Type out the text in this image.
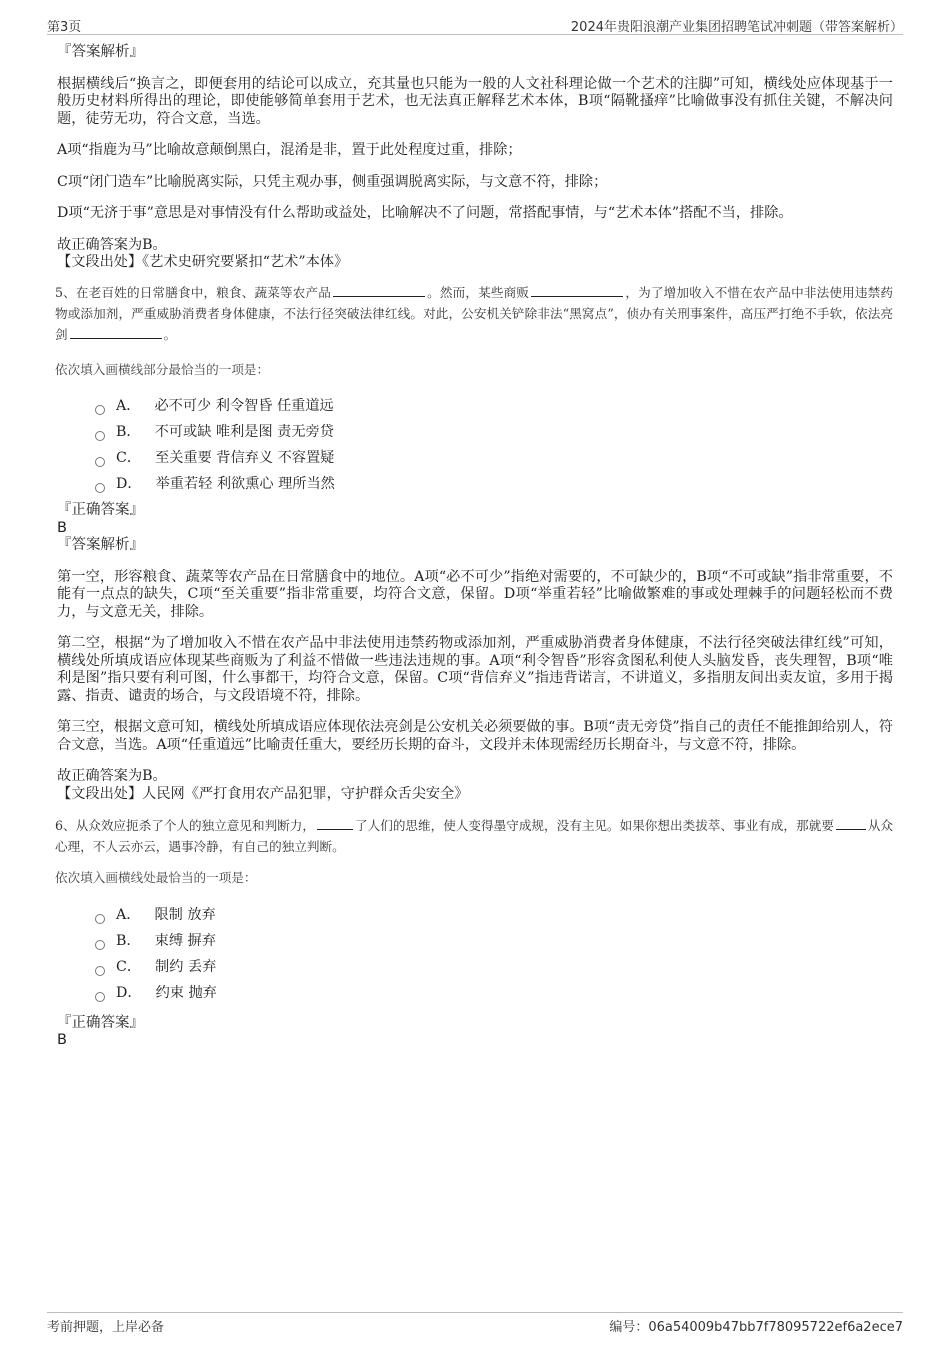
第3页	2024年贵阳浪潮产业集团招聘笔试冲刺题（带答案解析）

『答案解析』

根据横线后“换言之，即便套用的结论可以成立，充其量也只能为一般的人文社科理论做一个艺术的注脚”可知，横线处应体现基于一般历史材料所得出的理论，即使能够简单套用于艺术，也无法真正解释艺术本体，B项“隔靴搔痒”比喻做事没有抓住关键，不解决问题，徒劳无功，符合文意，当选。

A项“指鹿为马”比喻故意颠倒黑白，混淆是非，置于此处程度过重，排除；

C项“闭门造车”比喻脱离实际，只凭主观办事，侧重强调脱离实际，与文意不符，排除；

D项“无济于事”意思是对事情没有什么帮助或益处，比喻解决不了问题，常搭配事情，与“艺术本体”搭配不当，排除。

故正确答案为B。

【文段出处】《艺术史研究要紧扣“艺术”本体》

5、在老百姓的日常膳食中，粮食、蔬菜等农产品	。然而，某些商贩	，为了增加收入不惜在农产品中非法使用违禁药物或添加剂，严重威胁消费者身体健康，不法行径突破法律红线。对此，公安机关铲除非法“黑窝点”，侦办有关刑事案件，高压严打绝不手软，依法亮剑	。

依次填入画横线部分最恰当的一项是：

A． 必不可少 利令智昏 任重道远
B． 不可或缺 唯利是图 责无旁贷
C． 至关重要 背信弃义 不容置疑
D． 举重若轻 利欲熏心 理所当然

『正确答案』

B

『答案解析』

第一空，形容粮食、蔬菜等农产品在日常膳食中的地位。A项“必不可少”指绝对需要的，不可缺少的，B项“不可或缺”指非常重要，不能有一点点的缺失，C项“至关重要”指非常重要，均符合文意，保留。D项“举重若轻”比喻做繁难的事或处理棘手的问题轻松而不费力，与文意无关，排除。

第二空，根据“为了增加收入不惜在农产品中非法使用违禁药物或添加剂，严重威胁消费者身体健康，不法行径突破法律红线”可知，横线处所填成语应体现某些商贩为了利益不惜做一些违法违规的事。A项“利令智昏”形容贪图私利使人头脑发昏，丧失理智，B项“唯利是图”指只要有利可图，什么事都干，均符合文意，保留。C项“背信弃义”指违背诺言，不讲道义，多指朋友间出卖友谊，多用于揭露、指责、谴责的场合，与文段语境不符，排除。

第三空，根据文意可知，横线处所填成语应体现依法亮剑是公安机关必须要做的事。B项“责无旁贷”指自己的责任不能推卸给别人，符合文意，当选。A项“任重道远”比喻责任重大，要经历长期的奋斗，文段并未体现需经历长期奋斗，与文意不符，排除。

故正确答案为B。

【文段出处】人民网《严打食用农产品犯罪，守护群众舌尖安全》

6、从众效应扼杀了个人的独立意见和判断力，	了人们的思维，使人变得墨守成规，没有主见。如果你想出类拔萃、事业有成，那就要	从众心理，不人云亦云，遇事冷静，有自己的独立判断。

依次填入画横线处最恰当的一项是：

A． 限制 放弃
B． 束缚 摒弃
C． 制约 丢弃
D． 约束 抛弃

『正确答案』

B

考前押题，上岸必备	编号：06a54009b47bb7f78095722ef6a2ece7
